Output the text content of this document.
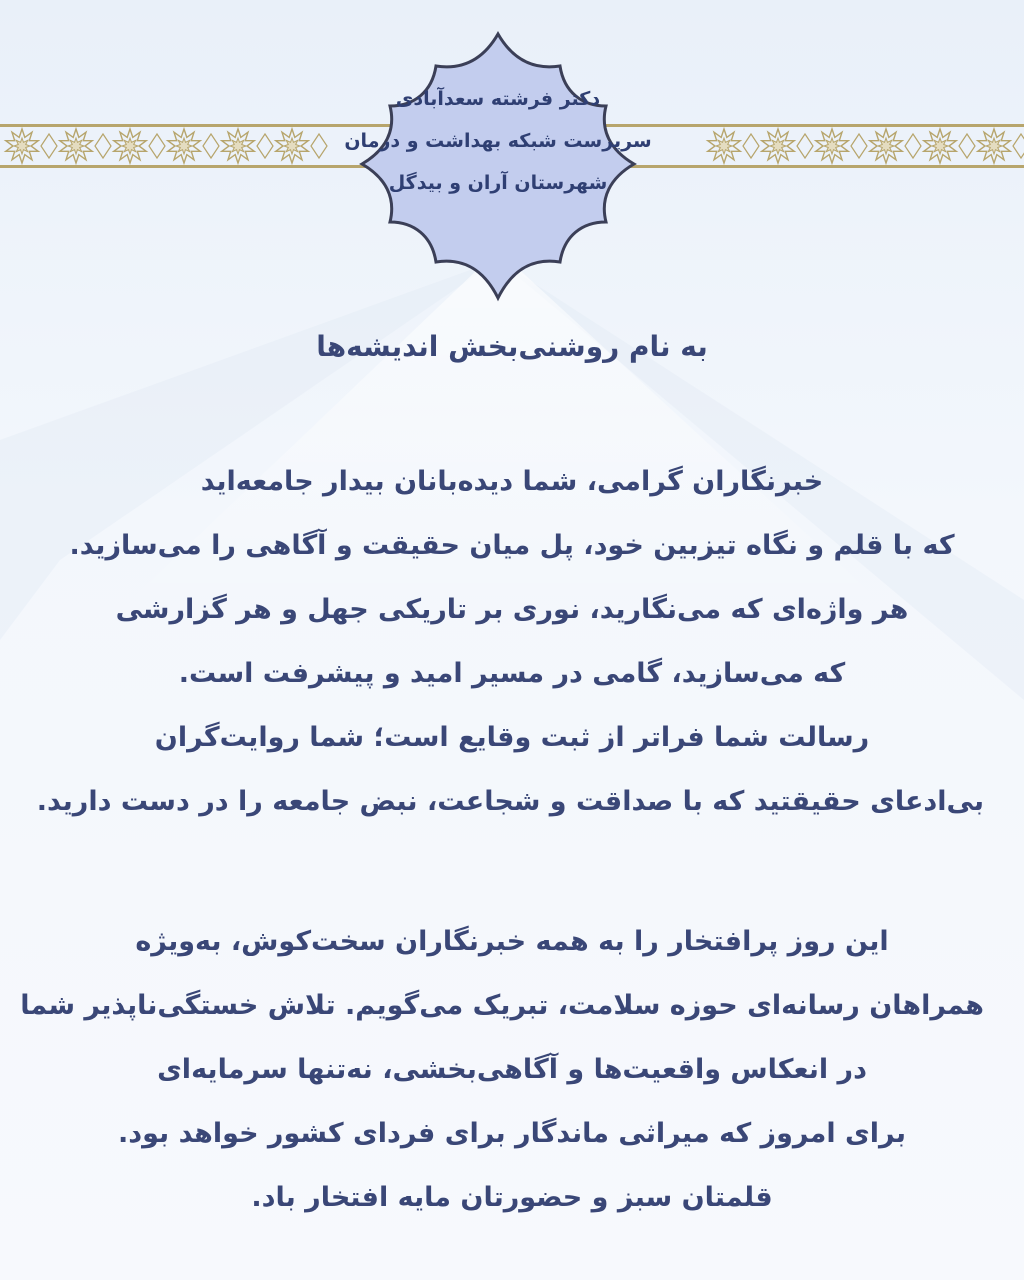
دکتر فرشته سعدآبادی
سرپرست شبکه بهداشت و درمان
شهرستان آران و بیدگل
به نام روشنی‌بخش اندیشه‌ها
خبرنگاران گرامی، شما دیده‌بانان بیدار جامعه‌اید
که با قلم و نگاه تیزبین خود، پل میان حقیقت و آگاهی را می‌سازید.
هر واژه‌ای که می‌نگارید، نوری بر تاریکی جهل و هر گزارشی
که می‌سازید، گامی در مسیر امید و پیشرفت است.
رسالت شما فراتر از ثبت وقایع است؛ شما روایت‌گران
بی‌ادعای حقیقتید که با صداقت و شجاعت، نبض جامعه را در دست دارید.
این روز پرافتخار را به همه خبرنگاران سخت‌کوش، به‌ویژه
همراهان رسانه‌ای حوزه سلامت، تبریک می‌گویم. تلاش خستگی‌ناپذیر شما
در انعکاس واقعیت‌ها و آگاهی‌بخشی، نه‌تنها سرمایه‌ای
برای امروز که میراثی ماندگار برای فردای کشور خواهد بود.
قلمتان سبز و حضورتان مایه افتخار باد.
